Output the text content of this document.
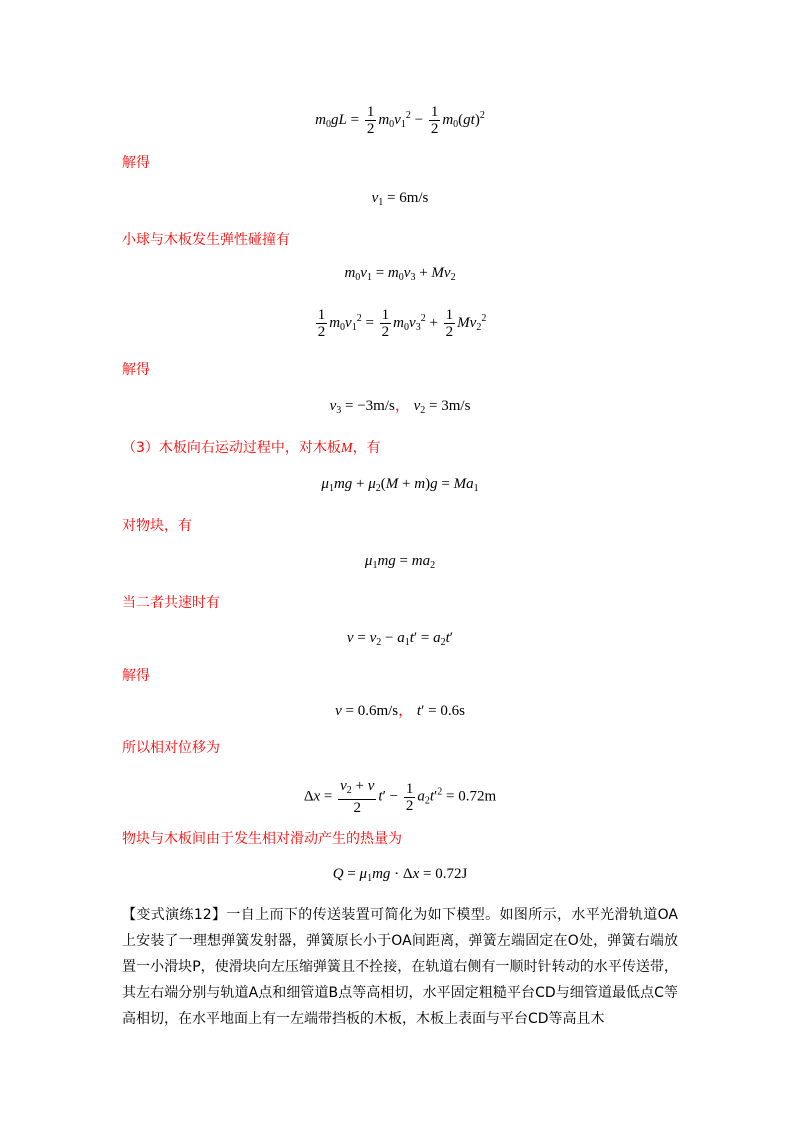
$m_0gL = \frac{1}{2} m_0v_1^2 - \frac{1}{2} m_0(gt)^2$
解得
$v_1 = 6m/s$
小球与木板发生弹性碰撞有
$m_0v_1 = m_0v_3 + Mv_2$
$\frac{1}{2} m_0v_1^2 = \frac{1}{2} m_0v_3^2 + \frac{1}{2} Mv_2^2$
解得
$v_3 = -3m/s$， $v_2 = 3m/s$
（3）木板向右运动过程中，对木板M，有
$\mu_1mg + \mu_2(M + m)g = Ma_1$
对物块，有
$\mu_1mg = ma_2$
当二者共速时有
$v = v_2 - a_1t' = a_2t'$
解得
v = 0.6m/s， t′ = 0.6s
所以相对位移为
$\Delta x = \frac{v_2 + v}{2} t' - \frac{1}{2} a_2t'^2 = 0.72m$
物块与木板间由于发生相对滑动产生的热量为
$Q = \mu_1mg \cdot \Delta x = 0.72J$
【变式演练12】一自上而下的传送装置可简化为如下模型。如图所示，水平光滑轨道OA上安装了一理想弹簧发射器，弹簧原长小于OA间距离，弹簧左端固定在O处，弹簧右端放置一小滑块P，使滑块向左压缩弹簧且不拴接，在轨道右侧有一顺时针转动的水平传送带，其左右端分别与轨道A点和细管道B点等高相切，水平固定粗糙平台CD与细管道最低点C等高相切，在水平地面上有一左端带挡板的木板，木板上表面与平台CD等高且木
